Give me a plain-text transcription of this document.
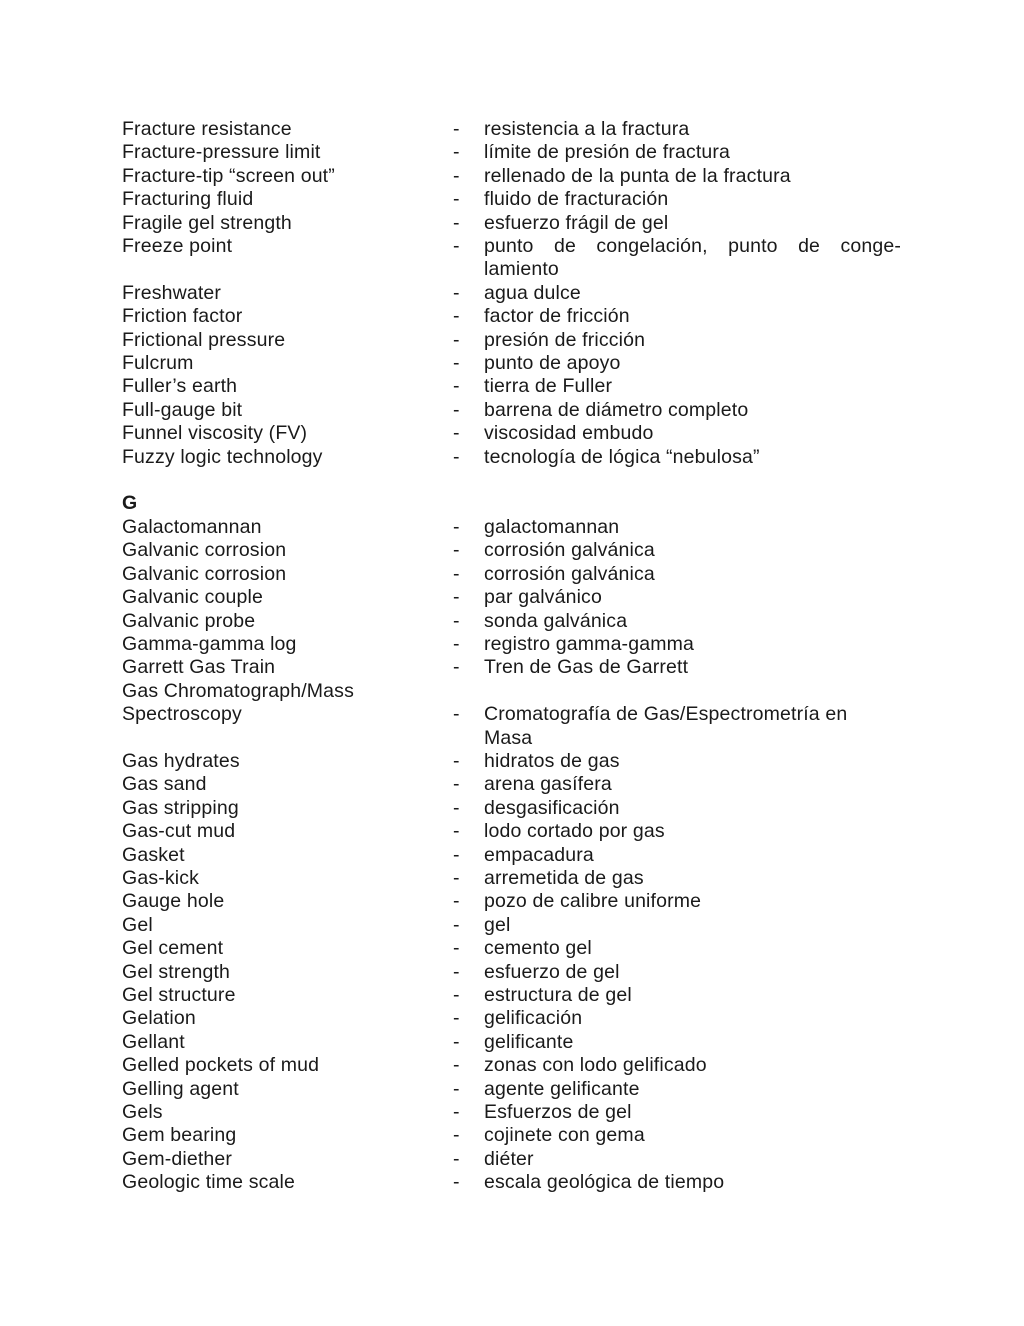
Fracture resistance	-	resistencia a la fractura
Fracture-pressure limit	-	límite de presión de fractura
Fracture-tip “screen out”	-	rellenado de la punta de la fractura
Fracturing fluid	-	fluido de fracturación
Fragile gel strength	-	esfuerzo frágil de gel
Freeze point	-	punto de congelación, punto de conge-
lamiento
Freshwater	-	agua dulce
Friction factor	-	factor de fricción
Frictional pressure	-	presión de fricción
Fulcrum	-	punto de apoyo
Fuller’s earth	-	tierra de Fuller
Full-gauge bit	-	barrena de diámetro completo
Funnel viscosity (FV)	-	viscosidad embudo
Fuzzy logic technology	-	tecnología de lógica “nebulosa”
G
Galactomannan	-	galactomannan
Galvanic corrosion	-	corrosión galvánica
Galvanic corrosion	-	corrosión galvánica
Galvanic couple	-	par galvánico
Galvanic probe	-	sonda galvánica
Gamma-gamma log	-	registro gamma-gamma
Garrett Gas Train	-	Tren de Gas de Garrett
Gas Chromatograph/Mass
Spectroscopy	-	Cromatografía de Gas/Espectrometría en
Masa
Gas hydrates	-	hidratos de gas
Gas sand	-	arena gasífera
Gas stripping	-	desgasificación
Gas-cut mud	-	lodo cortado por gas
Gasket	-	empacadura
Gas-kick	-	arremetida de gas
Gauge hole	-	pozo de calibre uniforme
Gel	-	gel
Gel cement	-	cemento gel
Gel strength	-	esfuerzo de gel
Gel structure	-	estructura de gel
Gelation	-	gelificación
Gellant	-	gelificante
Gelled pockets of mud	-	zonas con lodo gelificado
Gelling agent	-	agente gelificante
Gels	-	Esfuerzos de gel
Gem bearing	-	cojinete con gema
Gem-diether	-	diéter
Geologic time scale	-	escala geológica de tiempo
